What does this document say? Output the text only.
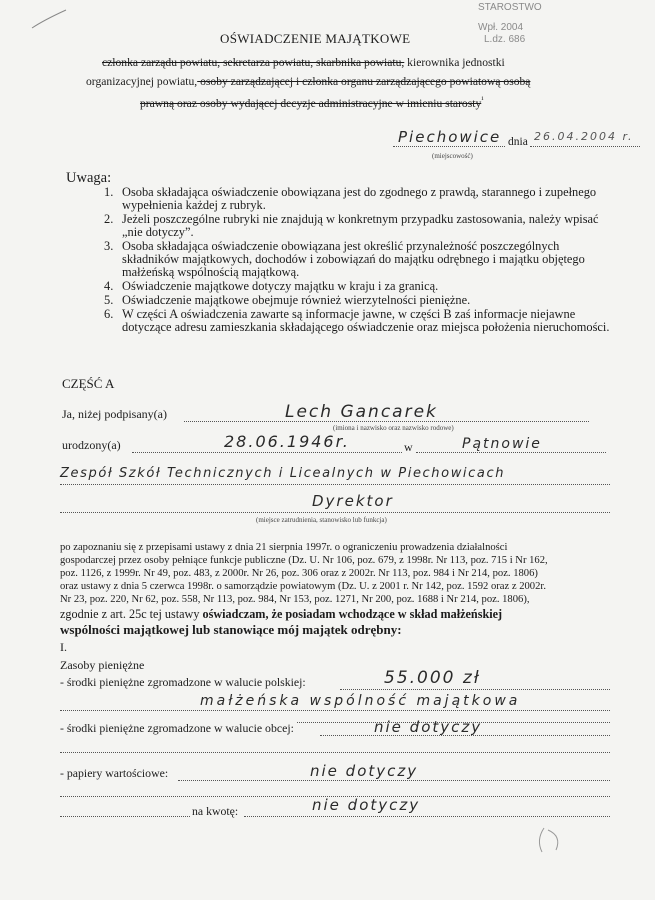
STAROSTWO
Wpł. 2004
L.dz. 686
OŚWIADCZENIE MAJĄTKOWE
członka zarządu powiatu, sekretarza powiatu, skarbnika powiatu, kierownika jednostki
organizacyjnej powiatu, osoby zarządzającej i członka organu zarządzającego powiatową osobą
prawną oraz osoby wydającej decyzje administracyjne w imieniu starosty$^{^1}$
Piechowice dnia 26.04.2004 r.
(miejscowość)
Uwaga:
1. Osoba składająca oświadczenie obowiązana jest do zgodnego z prawdą, starannego i zupełnego wypełnienia każdej z rubryk.
2. Jeżeli poszczególne rubryki nie znajdują w konkretnym przypadku zastosowania, należy wpisać „nie dotyczy”.
3. Osoba składająca oświadczenie obowiązana jest określić przynależność poszczególnych składników majątkowych, dochodów i zobowiązań do majątku odrębnego i majątku objętego małżeńską wspólnością majątkową.
4. Oświadczenie majątkowe dotyczy majątku w kraju i za granicą.
5. Oświadczenie majątkowe obejmuje również wierzytelności pieniężne.
6. W części A oświadczenia zawarte są informacje jawne, w części B zaś informacje niejawne dotyczące adresu zamieszkania składającego oświadczenie oraz miejsca położenia nieruchomości.
CZĘŚĆ A
Ja, niżej podpisany(a)	Lech Gancarek
(imiona i nazwisko oraz nazwisko rodowe)
urodzony(a)	28.06.1946r.	w	Pątnowie
Zespół Szkół Technicznych i Licealnych w Piechowicach
Dyrektor
(miejsce zatrudnienia, stanowisko lub funkcja)
po zapoznaniu się z przepisami ustawy z dnia 21 sierpnia 1997r. o ograniczeniu prowadzenia działalności
gospodarczej przez osoby pełniące funkcje publiczne (Dz. U. Nr 106, poz. 679, z 1998r. Nr 113, poz. 715 i Nr 162,
poz. 1126, z 1999r. Nr 49, poz. 483, z 2000r. Nr 26, poz. 306 oraz z 2002r. Nr 113, poz. 984 i Nr 214, poz. 1806)
oraz ustawy z dnia 5 czerwca 1998r. o samorządzie powiatowym (Dz. U. z 2001 r. Nr 142, poz. 1592 oraz z 2002r.
Nr 23, poz. 220, Nr 62, poz. 558, Nr 113, poz. 984, Nr 153, poz. 1271, Nr 200, poz. 1688 i Nr 214, poz. 1806),
zgodnie z art. 25c tej ustawy oświadczam, że posiadam wchodzące w skład małżeńskiej
wspólności majątkowej lub stanowiące mój majątek odrębny:
I.
Zasoby pieniężne
- środki pieniężne zgromadzone w walucie polskiej:	55.000 zł
małżeńska wspólność majątkowa
- środki pieniężne zgromadzone w walucie obcej:	nie dotyczy
- papiery wartościowe:	nie dotyczy
na kwotę:	nie dotyczy
